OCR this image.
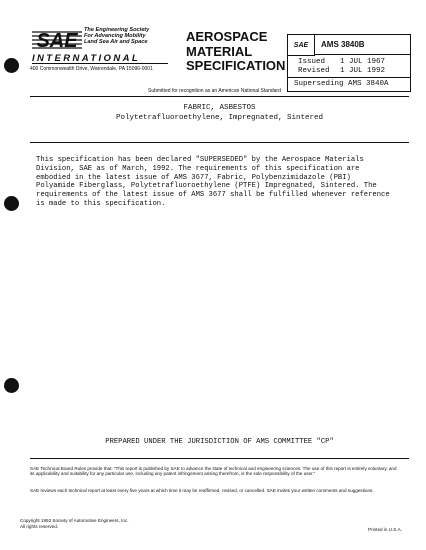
SAE The Engineering Society
For Advancing Mobility
Land Sea Air and Space
INTERNATIONAL
400 Commonwealth Drive, Warrendale, PA 15096-0001
AEROSPACE
MATERIAL
SPECIFICATION
SAE	AMS 3840B
Issued 1 JUL 1967
Revised 1 JUL 1992
Superseding AMS 3840A
Submitted for recognition as an American National Standard
FABRIC, ASBESTOS
Polytetrafluoroethylene, Impregnated, Sintered
This specification has been declared "SUPERSEDED" by the Aerospace Materials
Division, SAE as of March, 1992. The requirements of this specification are
embodied in the latest issue of AMS 3677, Fabric, Polybenzimidazole (PBI)
Polyamide Fiberglass, Polytetrafluoroethylene (PTFE) Impregnated, Sintered. The
requirements of the latest issue of AMS 3677 shall be fulfilled whenever reference
is made to this specification.
PREPARED UNDER THE JURISDICTION OF AMS COMMITTEE "CP"
SAE Technical Board Rules provide that: "This report is published by SAE to advance the state of technical and engineering sciences. The use of this report is entirely voluntary, and its applicability and suitability for any particular use, including any patent infringement arising therefrom, is the sole responsibility of the user."
SAE reviews each technical report at least every five years at which time it may be reaffirmed, revised, or cancelled. SAE invites your written comments and suggestions.
Copyright 1992 Society of Automotive Engineers, Inc.
All rights reserved.
Printed in U.S.A.
